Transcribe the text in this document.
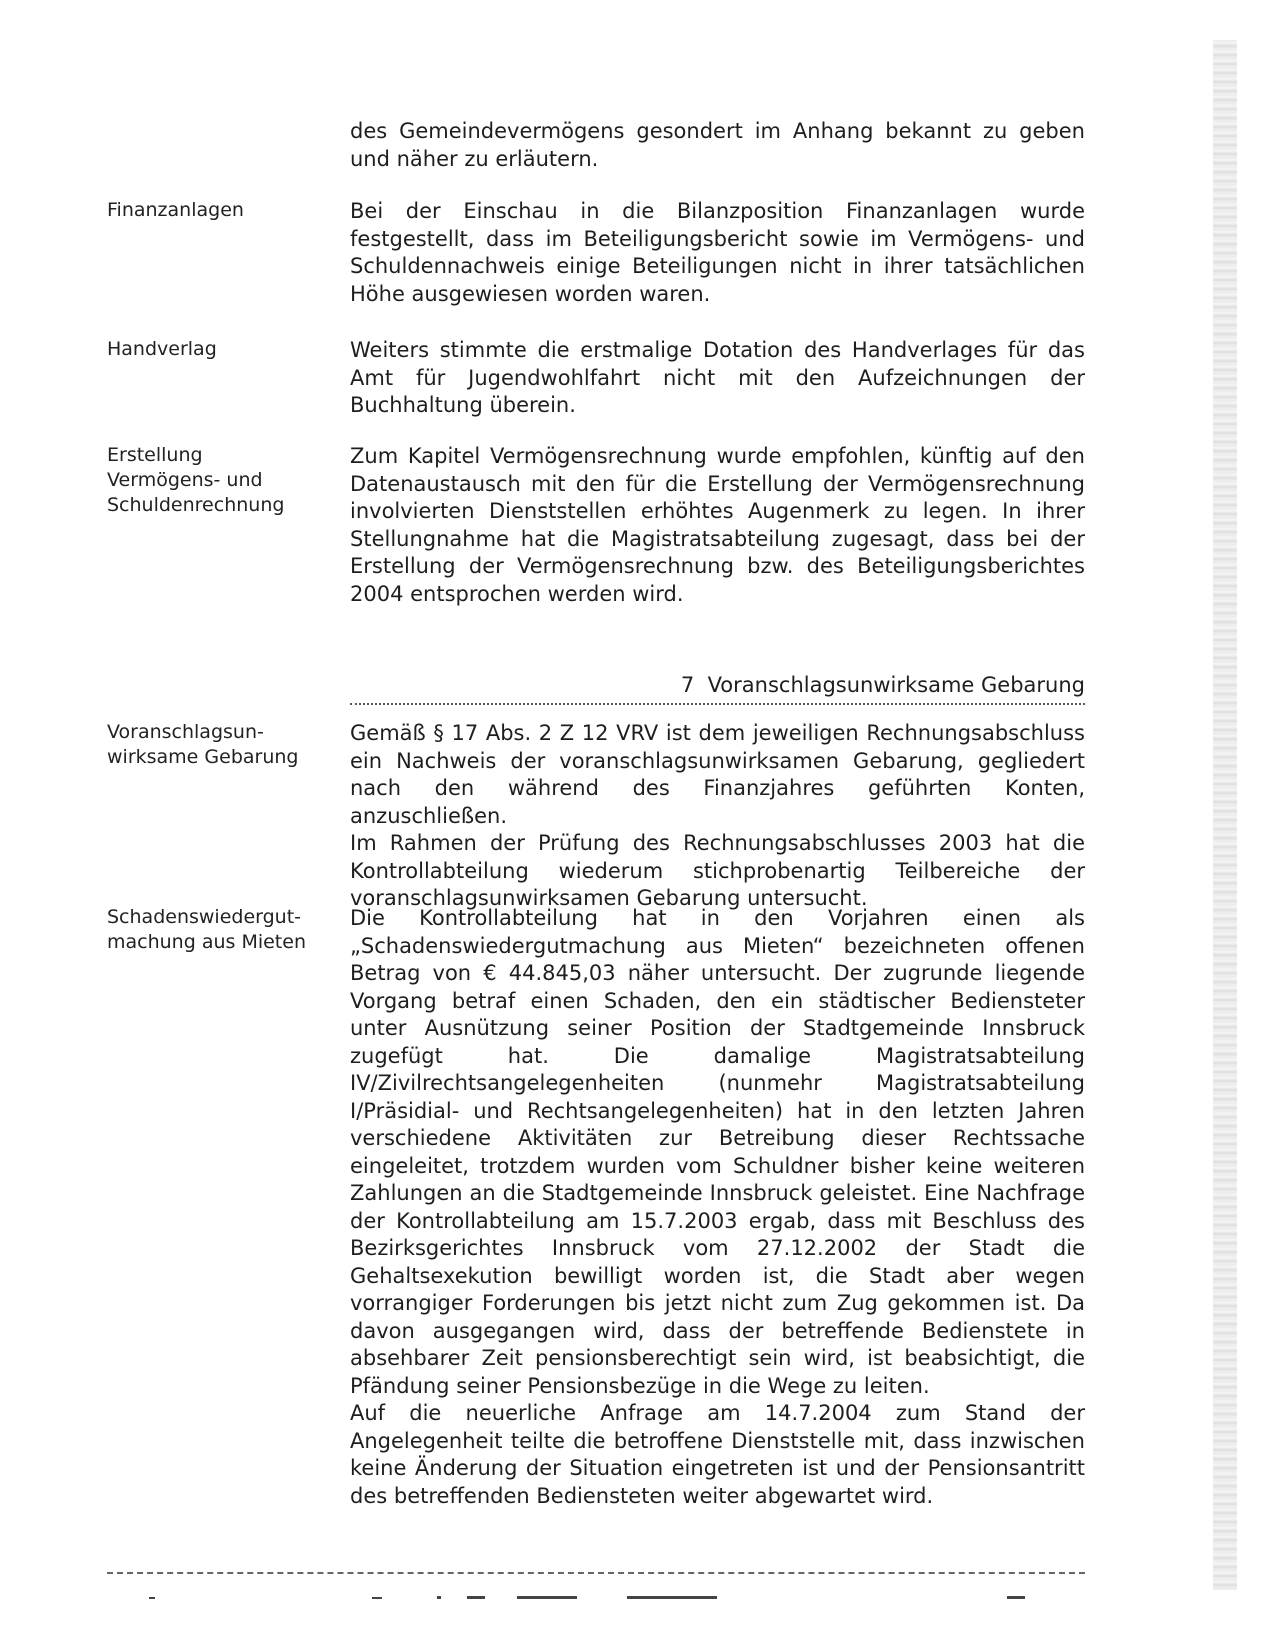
des Gemeindevermögens gesondert im Anhang bekannt zu geben und näher zu erläutern.

Finanzanlagen	Bei der Einschau in die Bilanzposition Finanzanlagen wurde festgestellt, dass im Beteiligungsbericht sowie im Vermögens- und Schuldennachweis einige Beteiligungen nicht in ihrer tatsächlichen Höhe ausgewiesen worden waren.

Handverlag	Weiters stimmte die erstmalige Dotation des Handverlages für das Amt für Jugendwohlfahrt nicht mit den Aufzeichnungen der Buchhaltung überein.

Erstellung
Vermögens- und
Schuldenrechnung

Zum Kapitel Vermögensrechnung wurde empfohlen, künftig auf den Datenaustausch mit den für die Erstellung der Vermögensrechnung involvierten Dienststellen erhöhtes Augenmerk zu legen. In ihrer Stellungnahme hat die Magistratsabteilung zugesagt, dass bei der Erstellung der Vermögensrechnung bzw. des Beteiligungsberichtes 2004 entsprochen werden wird.

7 Voranschlagsunwirksame Gebarung
Voranschlagsun-
wirksame Gebarung

Gemäß § 17 Abs. 2 Z 12 VRV ist dem jeweiligen Rechnungsabschluss ein Nachweis der voranschlagsunwirksamen Gebarung, gegliedert nach den während des Finanzjahres geführten Konten, anzuschließen.

Im Rahmen der Prüfung des Rechnungsabschlusses 2003 hat die Kontrollabteilung wiederum stichprobenartig Teilbereiche der voranschlagsunwirksamen Gebarung untersucht.

Schadenswiedergut-
machung aus Mieten

Die Kontrollabteilung hat in den Vorjahren einen als „Schadenswiedergutmachung aus Mieten“ bezeichneten offenen Betrag von € 44.845,03 näher untersucht. Der zugrunde liegende Vorgang betraf einen Schaden, den ein städtischer Bediensteter unter Ausnützung seiner Position der Stadtgemeinde Innsbruck zugefügt hat. Die damalige Magistratsabteilung IV/Zivilrechtsangelegenheiten (nunmehr Magistratsabteilung I/Präsidial- und Rechtsangelegenheiten) hat in den letzten Jahren verschiedene Aktivitäten zur Betreibung dieser Rechtssache eingeleitet, trotzdem wurden vom Schuldner bisher keine weiteren Zahlungen an die Stadtgemeinde Innsbruck geleistet. Eine Nachfrage der Kontrollabteilung am 15.7.2003 ergab, dass mit Beschluss des Bezirksgerichtes Innsbruck vom 27.12.2002 der Stadt die Gehaltsexekution bewilligt worden ist, die Stadt aber wegen vorrangiger Forderungen bis jetzt nicht zum Zug gekommen ist. Da davon ausgegangen wird, dass der betreffende Bedienstete in absehbarer Zeit pensionsberechtigt sein wird, ist beabsichtigt, die Pfändung seiner Pensionsbezüge in die Wege zu leiten.

Auf die neuerliche Anfrage am 14.7.2004 zum Stand der Angelegenheit teilte die betroffene Dienststelle mit, dass inzwischen keine Änderung der Situation eingetreten ist und der Pensionsantritt des betreffenden Bediensteten weiter abgewartet wird.
